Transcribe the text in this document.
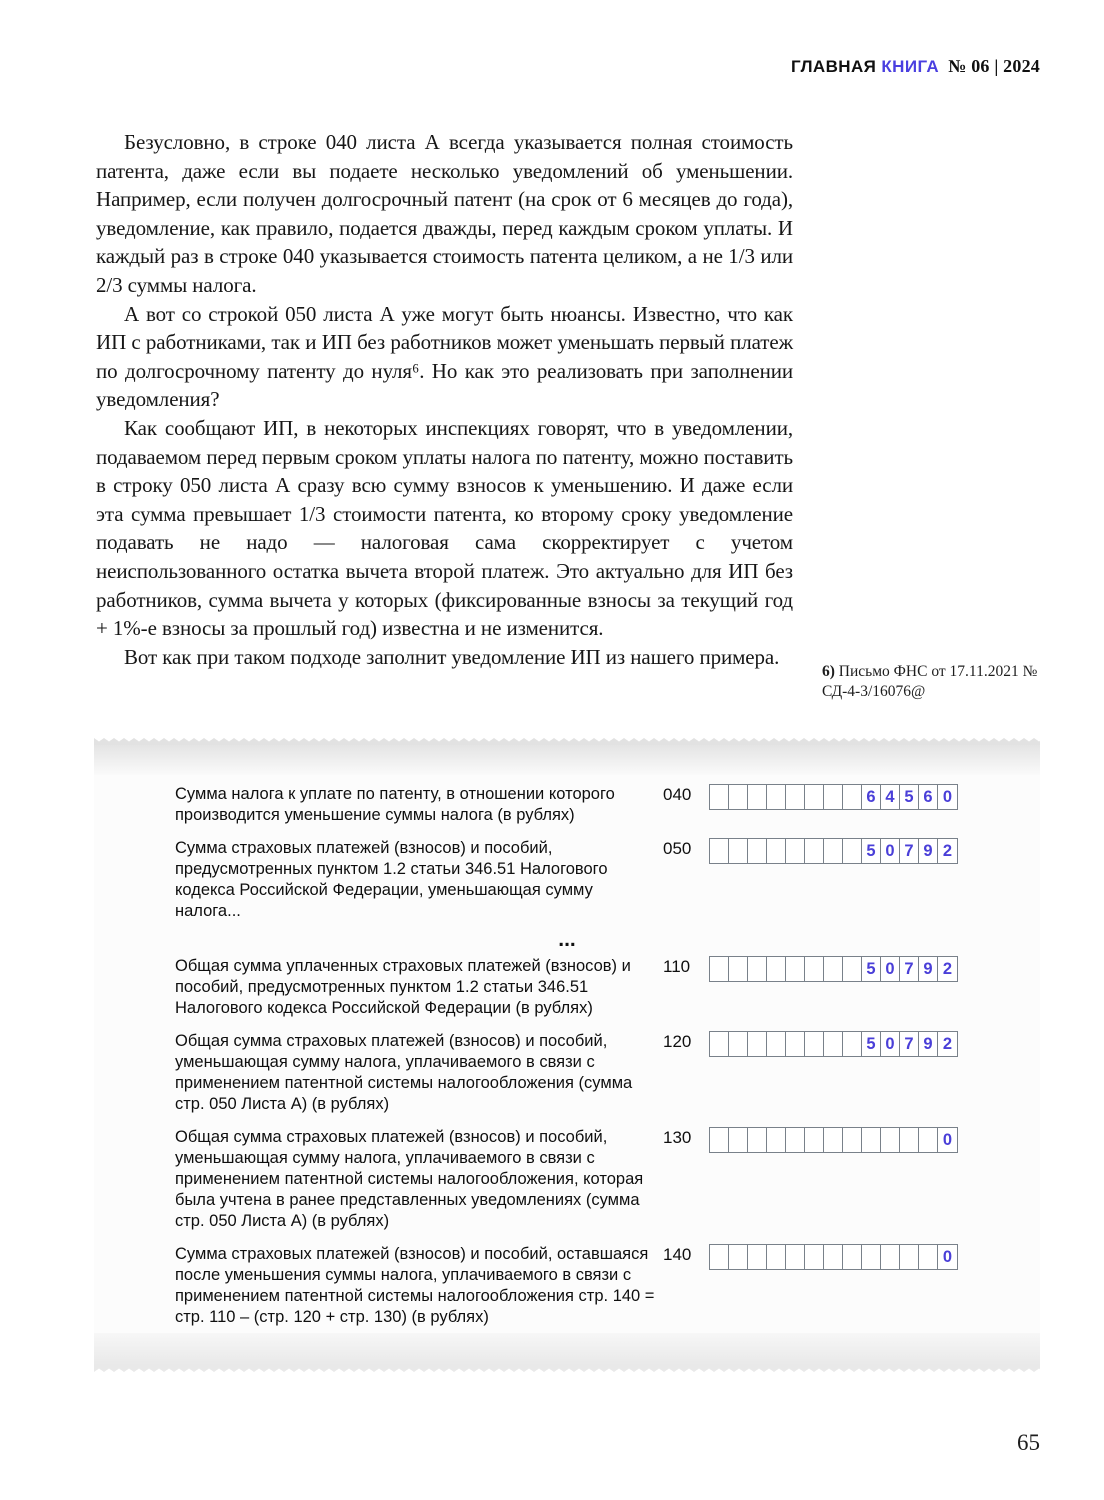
ГЛАВНАЯ КНИГА № 06 | 2024

Безусловно, в строке 040 листа А всегда указывается полная стоимость патента, даже если вы подаете несколько уведомлений об уменьшении. Например, если получен долгосрочный патент (на срок от 6 месяцев до года), уведомление, как правило, подается дважды, перед каждым сроком уплаты. И каждый раз в строке 040 указывается стоимость патента целиком, а не 1/3 или 2/3 суммы налога.

А вот со строкой 050 листа А уже могут быть нюансы. Известно, что как ИП с работниками, так и ИП без работников может уменьшать первый платеж по долгосрочному патенту до нуля⁶. Но как это реализовать при заполнении уведомления?

Как сообщают ИП, в некоторых инспекциях говорят, что в уведомлении, подаваемом перед первым сроком уплаты налога по патенту, можно поставить в строку 050 листа А сразу всю сумму взносов к уменьшению. И даже если эта сумма превышает 1/3 стоимости патента, ко второму сроку уведомление подавать не надо — налоговая сама скорректирует с учетом неиспользованного остатка вычета второй платеж. Это актуально для ИП без работников, сумма вычета у которых (фиксированные взносы за текущий год + 1%-е взносы за прошлый год) известна и не изменится.

Вот как при таком подходе заполнит уведомление ИП из нашего примера.

6) Письмо ФНС от 17.11.2021 № СД-4-3/16076@
Сумма налога к уплате по патенту, в отношении которого производится уменьшение суммы налога (в рублях)
040	6 4 5 6 0
Сумма страховых платежей (взносов) и пособий, предусмотренных пунктом 1.2 статьи 346.51 Налогового кодекса Российской Федерации, уменьшающая сумму налога...
050	5 0 7 9 2
...
Общая сумма уплаченных страховых платежей (взносов) и пособий, предусмотренных пунктом 1.2 статьи 346.51 Налогового кодекса Российской Федерации (в рублях)
110	5 0 7 9 2
Общая сумма страховых платежей (взносов) и пособий, уменьшающая сумму налога, уплачиваемого в связи с применением патентной системы налогообложения (сумма стр. 050 Листа А) (в рублях)
120	5 0 7 9 2
Общая сумма страховых платежей (взносов) и пособий, уменьшающая сумму налога, уплачиваемого в связи с применением патентной системы налогообложения, которая была учтена в ранее представленных уведомлениях (сумма стр. 050 Листа А) (в рублях)
130	0
Сумма страховых платежей (взносов) и пособий, оставшаяся после уменьшения суммы налога, уплачиваемого в связи с применением патентной системы налогообложения стр. 140 = стр. 110 – (стр. 120 + стр. 130) (в рублях)
140	0
65
